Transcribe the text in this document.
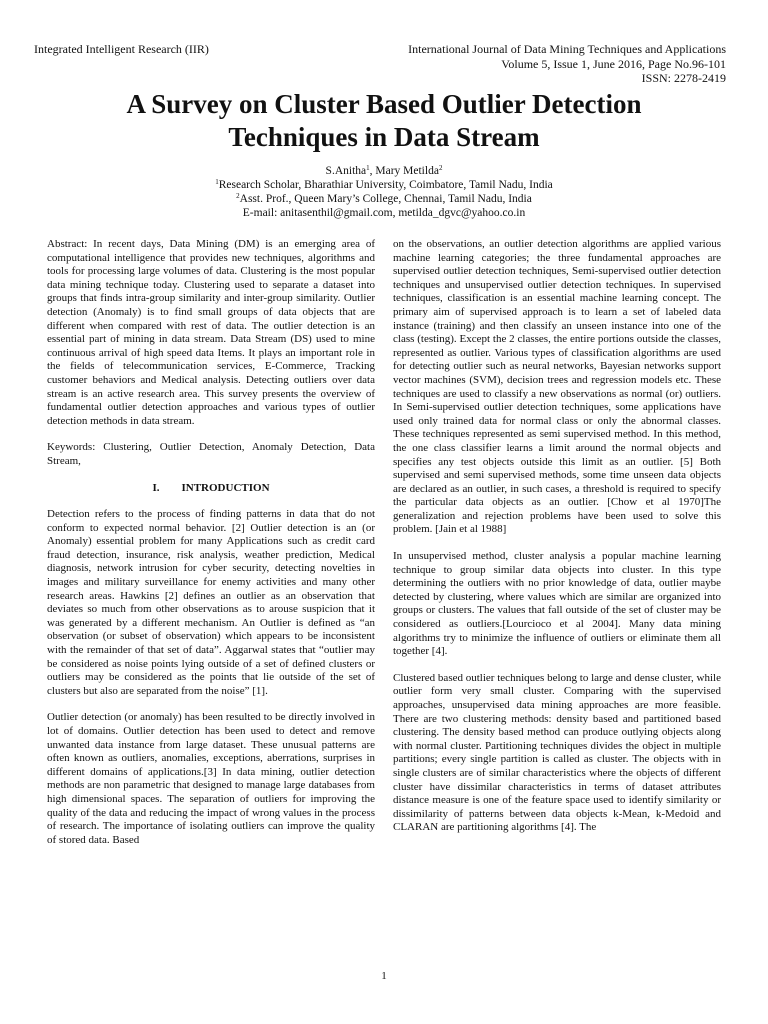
Integrated Intelligent Research (IIR)	International Journal of Data Mining Techniques and Applications
Volume 5, Issue 1, June 2016, Page No.96-101
ISSN: 2278-2419
A Survey on Cluster Based Outlier Detection
Techniques in Data Stream
S.Anitha$^1$, Mary Metilda$^2$
$^1$Research Scholar, Bharathiar University, Coimbatore, Tamil Nadu, India
$^2$Asst. Prof., Queen Mary’s College, Chennai, Tamil Nadu, India
E-mail: anitasenthil@gmail.com, metilda_dgvc@yahoo.co.in

Abstract: In recent days, Data Mining (DM) is an emerging area of computational intelligence that provides new techniques, algorithms and tools for processing large volumes of data. Clustering is the most popular data mining technique today. Clustering used to separate a dataset into groups that finds intra-group similarity and inter-group similarity. Outlier detection (Anomaly) is to find small groups of data objects that are different when compared with rest of data. The outlier detection is an essential part of mining in data stream. Data Stream (DS) used to mine continuous arrival of high speed data Items. It plays an important role in the fields of telecommunication services, E-Commerce, Tracking customer behaviors and Medical analysis. Detecting outliers over data stream is an active research area. This survey presents the overview of fundamental outlier detection approaches and various types of outlier detection methods in data stream.

Keywords: Clustering, Outlier Detection, Anomaly Detection, Data Stream,

I. INTRODUCTION

Detection refers to the process of finding patterns in data that do not conform to expected normal behavior. [2] Outlier detection is an (or Anomaly) essential problem for many Applications such as credit card fraud detection, insurance, risk analysis, weather prediction, Medical diagnosis, network intrusion for cyber security, detecting novelties in images and military surveillance for enemy activities and many other research areas. Hawkins [2] defines an outlier as an observation that deviates so much from other observations as to arouse suspicion that it was generated by a different mechanism. An Outlier is defined as “an observation (or subset of observation) which appears to be inconsistent with the remainder of that set of data”. Aggarwal states that “outlier may be considered as noise points lying outside of a set of defined clusters or outliers may be considered as the points that lie outside of the set of clusters but also are separated from the noise” [1].

Outlier detection (or anomaly) has been resulted to be directly involved in lot of domains. Outlier detection has been used to detect and remove unwanted data instance from large dataset. These unusual patterns are often known as outliers, anomalies, exceptions, aberrations, surprises in different domains of applications.[3] In data mining, outlier detection methods are non parametric that designed to manage large databases from high dimensional spaces. The separation of outliers for improving the quality of the data and reducing the impact of wrong values in the process of research. The importance of isolating outliers can improve the quality of stored data. Based

on the observations, an outlier detection algorithms are applied various machine learning categories; the three fundamental approaches are supervised outlier detection techniques, Semi-supervised outlier detection techniques and unsupervised outlier detection techniques. In supervised techniques, classification is an essential machine learning concept. The primary aim of supervised approach is to learn a set of labeled data instance (training) and then classify an unseen instance into one of the class (testing). Except the 2 classes, the entire portions outside the classes, represented as outlier. Various types of classification algorithms are used for detecting outlier such as neural networks, Bayesian networks support vector machines (SVM), decision trees and regression models etc. These techniques are used to classify a new observations as normal (or) outliers. In Semi-supervised outlier detection techniques, some applications have used only trained data for normal class or only the abnormal classes. These techniques represented as semi supervised method. In this method, the one class classifier learns a limit around the normal objects and specifies any test objects outside this limit as an outlier. [5] Both supervised and semi supervised methods, some time unseen data objects are declared as an outlier, in such cases, a threshold is required to specify the particular data objects as an outlier. [Chow et al 1970]The generalization and rejection problems have been used to solve this problem. [Jain et al 1988]

In unsupervised method, cluster analysis a popular machine learning technique to group similar data objects into cluster. In this type determining the outliers with no prior knowledge of data, outlier maybe detected by clustering, where values which are similar are organized into groups or clusters. The values that fall outside of the set of cluster may be considered as outliers.[Lourcioco et al 2004]. Many data mining algorithms try to minimize the influence of outliers or eliminate them all together [4].

Clustered based outlier techniques belong to large and dense cluster, while outlier form very small cluster. Comparing with the supervised approaches, unsupervised data mining approaches are more feasible. There are two clustering methods: density based and partitioned based clustering. The density based method can produce outlying objects along with normal cluster. Partitioning techniques divides the object in multiple partitions; every single partition is called as cluster. The objects with in single clusters are of similar characteristics where the objects of different cluster have dissimilar characteristics in terms of dataset attributes distance measure is one of the feature space used to identify similarity or dissimilarity of patterns between data objects k-Mean, k-Medoid and CLARAN are partitioning algorithms [4]. The

1
